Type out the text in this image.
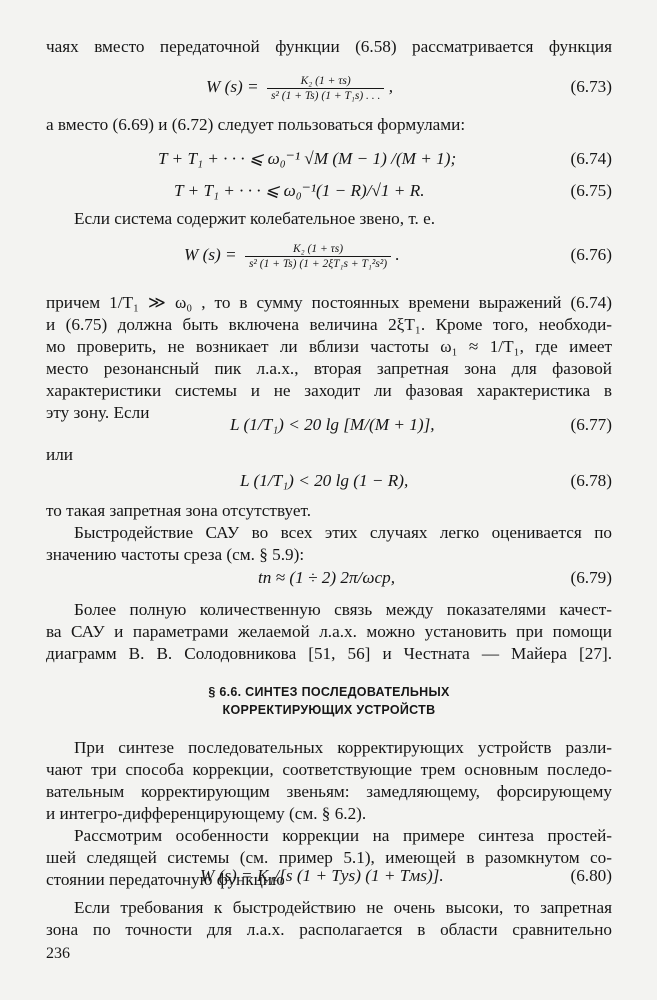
чаях вместо передаточной функции (6.58) рассматривается функция
W $(s) = \frac{\text{K₂ (1 + τs)}}{\text{s² (1 + Ts) (1 + T₁s) . . .}}$ ,	(6.73)
а вместо (6.69) и (6.72) следует пользоваться формулами:
T + T₁ + · · · ⩽ ω₀⁻¹ √M (M − 1) /(M + 1);	(6.74)
T + T₁ + · · · ⩽ ω₀⁻¹(1 − R)/√1 + R.	(6.75)
Если система содержит колебательное звено, т. е.
W $(s) = \frac{\text{K₂ (1 + τs)}}{\text{s² (1 + Ts) (1 + 2ξT₁s + T₁²s²)}}$ .	(6.76)
причем 1/T₁ ≫ ω₀ , то в сумму постоянных времени выражений (6.74)
и (6.75) должна быть включена величина 2ξT₁. Кроме того, необходи-
мо проверить, не возникает ли вблизи частоты ω₁ ≈ 1/T₁, где имеет
место резонансный пик л.а.х., вторая запретная зона для фазовой
характеристики системы и не заходит ли фазовая характеристика в
эту зону. Если
L (1/T₁) < 20 lg [M/(M + 1)],	(6.77)
или
L (1/T₁) < 20 lg (1 − R),	(6.78)
то такая запретная зона отсутствует.
Быстродействие САУ во всех этих случаях легко оценивается по
значению частоты среза (см. § 5.9):
tп ≈ (1 ÷ 2) 2π/ωср,	(6.79)
Более полную количественную связь между показателями качест-
ва САУ и параметрами желаемой л.а.х. можно установить при помощи
диаграмм В. В. Солодовникова [51, 56] и Честната — Майера [27].
§ 6.6. СИНТЕЗ ПОСЛЕДОВАТЕЛЬНЫХ
КОРРЕКТИРУЮЩИХ УСТРОЙСТВ
При синтезе последовательных корректирующих устройств разли-
чают три способа коррекции, соответствующие трем основным последо-
вательным корректирующим звеньям: замедляющему, форсирующему
и интегро-дифференцирующему (см. § 6.2).
Рассмотрим особенности коррекции на примере синтеза простей-
шей следящей системы (см. пример 5.1), имеющей в разомкнутом со-
стоянии передаточную функцию
W (s) = K₁/[s (1 + Tуs) (1 + Tмs)].	(6.80)
Если требования к быстродействию не очень высоки, то запретная
зона по точности для л.а.х. располагается в области сравнительно
236
